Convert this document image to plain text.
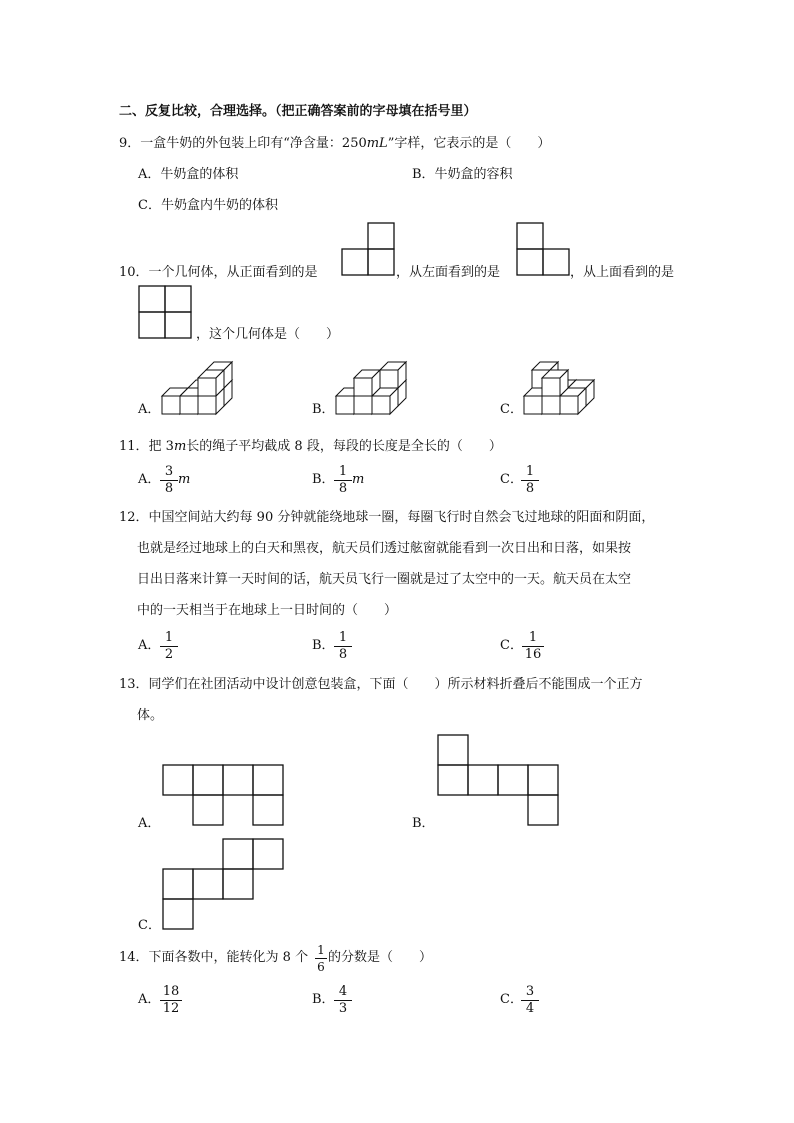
二、反复比较，合理选择。（把正确答案前的字母填在括号里）
9．一盒牛奶的外包装上印有“净含量：250mL”字样，它表示的是（　　）
A．牛奶盒的体积	B．牛奶盒的容积
C．牛奶盒内牛奶的体积
10．一个几何体，从正面看到的是	，从左面看到的是	，从上面看到的是
，这个几何体是（　　）
A．	B．	C．
11．把 3m长的绳子平均截成 8 段，每段的长度是全长的（　　）
A．
3
8
m	B．
1
8
m	C．
1
8
12．中国空间站大约每 90 分钟就能绕地球一圈，每圈飞行时自然会飞过地球的阳面和阴面，
也就是经过地球上的白天和黑夜，航天员们透过舷窗就能看到一次日出和日落，如果按
日出日落来计算一天时间的话，航天员飞行一圈就是过了太空中的一天。航天员在太空
中的一天相当于在地球上一日时间的（　　）
A．
1
2
B．
1
8
C．
1
16
13．同学们在社团活动中设计创意包装盒，下面（　　）所示材料折叠后不能围成一个正方
体。
A．	B．
C．
14．下面各数中，能转化为 8 个 1
6
的分数是（　　）
A．
18
12
B．
4
3
C．
3
4
